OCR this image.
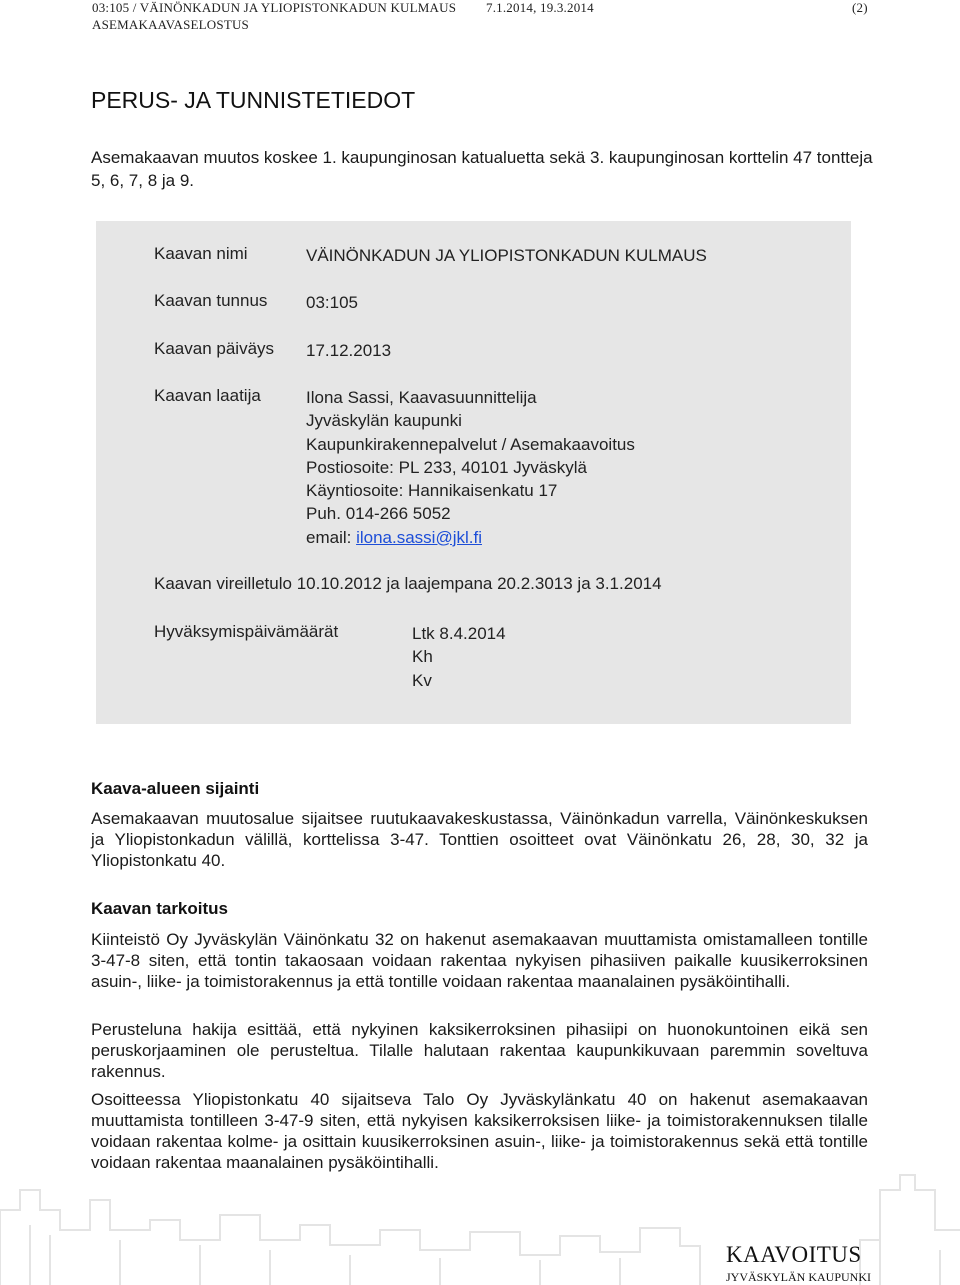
03:105 / VÄINÖNKADUN JA YLIOPISTONKADUN KULMAUS 7.1.2014, 19.3.2014	(2)
ASEMAKAAVASELOSTUS
PERUS- JA TUNNISTETIEDOT

Asemakaavan muutos koskee 1. kaupunginosan katualuetta sekä 3. kaupunginosan korttelin 47 tontteja 5, 6, 7, 8 ja 9.

Kaavan nimi	VÄINÖNKADUN JA YLIOPISTONKADUN KULMAUS
Kaavan tunnus 03:105
Kaavan päiväys 17.12.2013
Kaavan laatija	Ilona Sassi, Kaavasuunnittelija
Jyväskylän kaupunki
Kaupunkirakennepalvelut / Asemakaavoitus
Postiosoite: PL 233, 40101 Jyväskylä
Käyntiosoite: Hannikaisenkatu 17
Puh. 014-266 5052
email: ilona.sassi@jkl.fi
Kaavan vireilletulo 10.10.2012 ja laajempana 20.2.3013 ja 3.1.2014
Hyväksymispäivämäärät	Ltk 8.4.2014
Kh
Kv
Kaava-alueen sijainti

Asemakaavan muutosalue sijaitsee ruutukaavakeskustassa, Väinönkadun varrella, Väinönkeskuksen ja Yliopistonkadun välillä, korttelissa 3-47. Tonttien osoitteet ovat Väinönkatu 26, 28, 30, 32 ja Yliopistonkatu 40.

Kaavan tarkoitus

Kiinteistö Oy Jyväskylän Väinönkatu 32 on hakenut asemakaavan muuttamista omistamalleen tontille 3-47-8 siten, että tontin takaosaan voidaan rakentaa nykyisen pihasiiven paikalle kuusikerroksinen asuin-, liike- ja toimistorakennus ja että tontille voidaan rakentaa maanalainen pysäköintihalli.

Perusteluna hakija esittää, että nykyinen kaksikerroksinen pihasiipi on huonokuntoinen eikä sen peruskorjaaminen ole perusteltua. Tilalle halutaan rakentaa kaupunkikuvaan paremmin soveltuva rakennus.

Osoitteessa Yliopistonkatu 40 sijaitseva Talo Oy Jyväskylänkatu 40 on hakenut asemakaavan muuttamista tontilleen 3-47-9 siten, että nykyisen kaksikerroksisen liike- ja toimistorakennuksen tilalle voidaan rakentaa kolme- ja osittain kuusikerroksinen asuin-, liike- ja toimistorakennus sekä että tontille voidaan rakentaa maanalainen pysäköintihalli.

KAAVOITUS
JYVÄSKYLÄN KAUPUNKI
